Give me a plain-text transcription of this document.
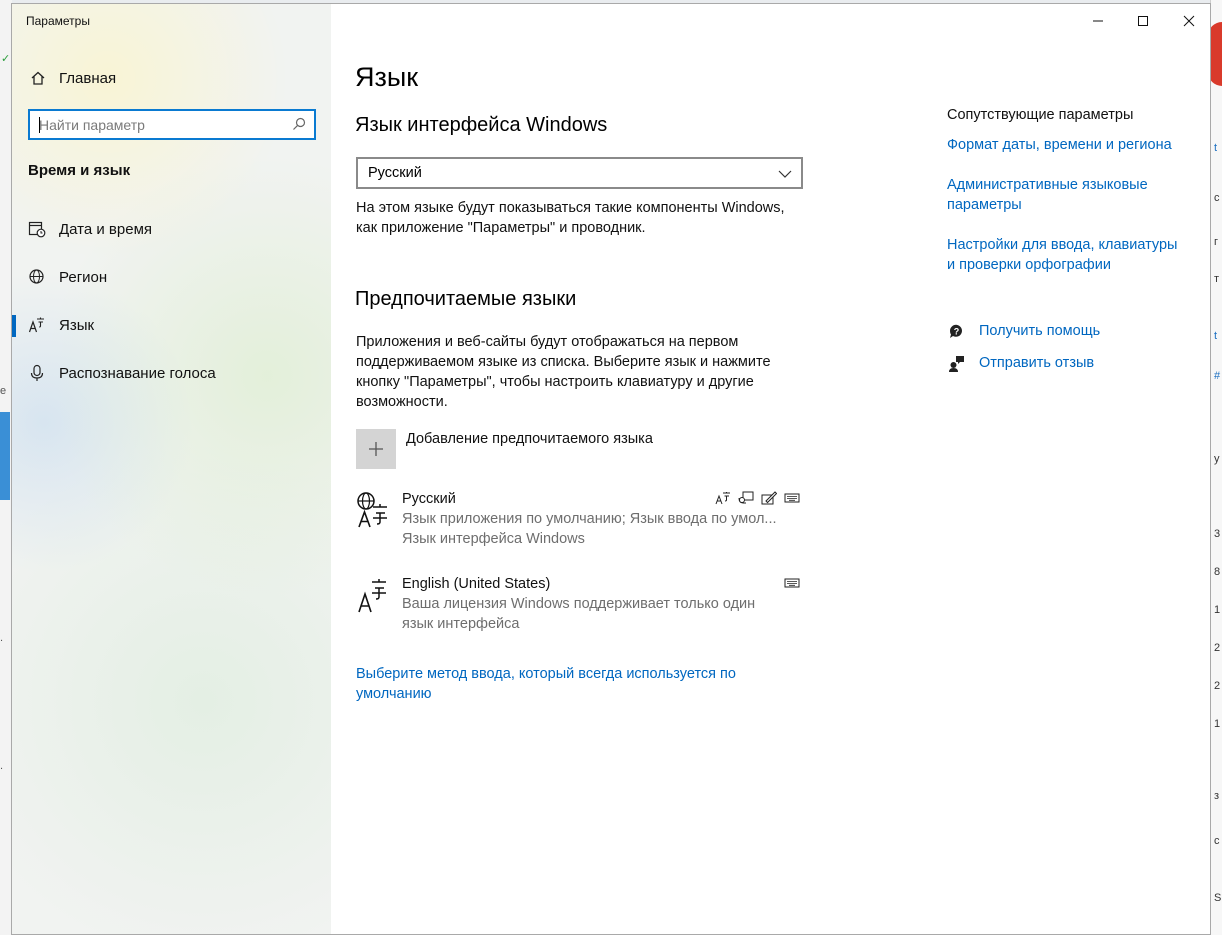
✓
e
.
.
t
с
г
т
t
#
у
3
8
1
2
2
1
з
с
S
Параметры
Главная
Найти параметр
Время и язык
Дата и время
Регион
Язык
Распознавание голоса
Язык
Язык интерфейса Windows
Русский
На этом языке будут показываться такие компоненты Windows,
как приложение "Параметры" и проводник.
Предпочитаемые языки
Приложения и веб-сайты будут отображаться на первом
поддерживаемом языке из списка. Выберите язык и нажмите
кнопку "Параметры", чтобы настроить клавиатуру и другие
возможности.
Добавление предпочитаемого языка
Русский
Язык приложения по умолчанию; Язык ввода по умол...
Язык интерфейса Windows
English (United States)
Ваша лицензия Windows поддерживает только один
язык интерфейса
Выберите метод ввода, который всегда используется по
умолчанию
Сопутствующие параметры
Формат даты, времени и региона
Административные языковые
параметры
Настройки для ввода, клавиатуры
и проверки орфографии
? Получить помощь
Отправить отзыв
